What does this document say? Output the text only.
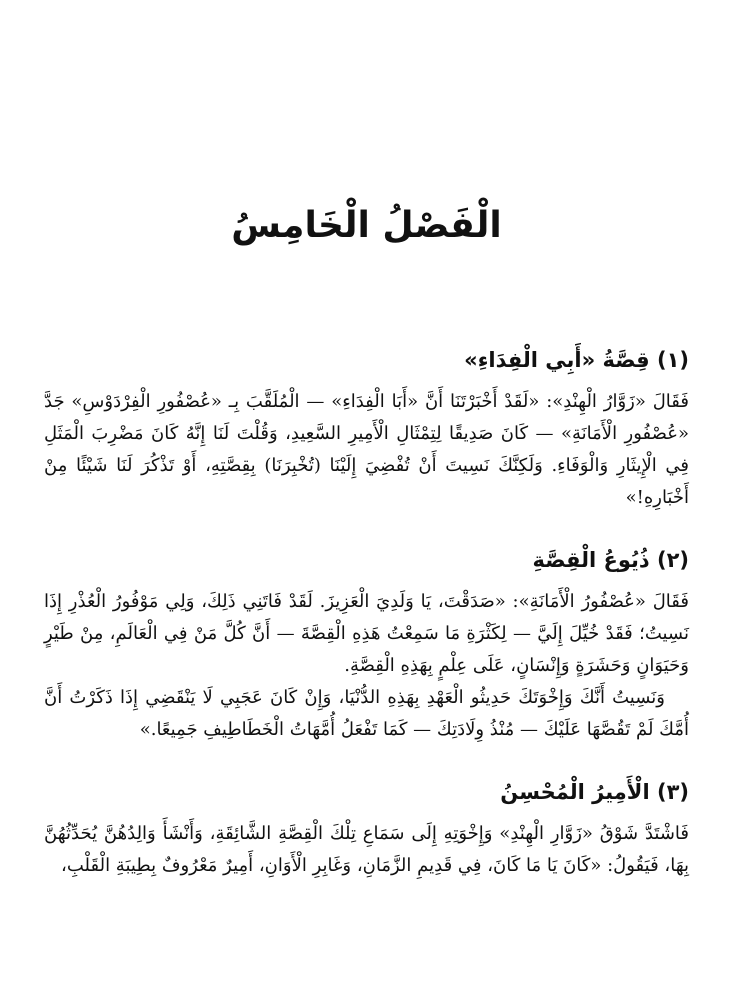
الْفَصْلُ الْخَامِسُ
(١) قِصَّةُ «أَبِي الْفِدَاءِ»

فَقَالَ «زَوَّارُ الْهِنْدِ»: «لَقَدْ أَخْبَرْتَنَا أَنَّ «أَبَا الْفِدَاءِ» — الْمُلَقَّبَ بِـ «عُصْفُورِ الْفِرْدَوْسِ» جَدَّ «عُصْفُورِ الْأَمَانَةِ» — كَانَ صَدِيقًا لِتِمْثَالِ الْأَمِيرِ السَّعِيدِ، وَقُلْتَ لَنَا إِنَّهُ كَانَ مَضْرِبَ الْمَثَلِ فِي الْإِيثَارِ وَالْوَفَاءِ. وَلَكِنَّكَ نَسِيتَ أَنْ تُفْضِيَ إِلَيْنَا (تُخْبِرَنَا) بِقِصَّتِهِ، أَوْ تَذْكُرَ لَنَا شَيْئًا مِنْ أَخْبَارِهِ!»

(٢) ذُيُوعُ الْقِصَّةِ

فَقَالَ «عُصْفُورُ الْأَمَانَةِ»: «صَدَقْتَ، يَا وَلَدِيَ الْعَزِيزَ. لَقَدْ فَاتَنِي ذَلِكَ، وَلِي مَوْفُورُ الْعُذْرِ إِذَا نَسِيتُ؛ فَقَدْ خُيِّلَ إِلَيَّ — لِكَثْرَةِ مَا سَمِعْتُ هَذِهِ الْقِصَّةَ — أَنَّ كُلَّ مَنْ فِي الْعَالَمِ، مِنْ طَيْرٍ وَحَيَوَانٍ وَحَشَرَةٍ وَإِنْسَانٍ، عَلَى عِلْمٍ بِهَذِهِ الْقِصَّةِ.

وَنَسِيتُ أَنَّكَ وَإِخْوَتَكَ حَدِيثُو الْعَهْدِ بِهَذِهِ الدُّنْيَا، وَإِنْ كَانَ عَجَبِي لَا يَنْقَضِي إِذَا ذَكَرْتُ أَنَّ أُمَّكَ لَمْ تَقُصَّهَا عَلَيْكَ — مُنْذُ وِلَادَتِكَ — كَمَا تَفْعَلُ أُمَّهَاتُ الْخَطَاطِيفِ جَمِيعًا.»

(٣) الْأَمِيرُ الْمُحْسِنُ

فَاشْتَدَّ شَوْقُ «زَوَّارِ الْهِنْدِ» وَإِخْوَتِهِ إِلَى سَمَاعِ تِلْكَ الْقِصَّةِ الشَّائِقَةِ، وَأَنْشَأَ وَالِدُهُنَّ يُحَدِّثُهُنَّ بِهَا، فَيَقُولُ: «كَانَ يَا مَا كَانَ، فِي قَدِيمِ الزَّمَانِ، وَغَابِرِ الْأَوَانِ، أَمِيرٌ مَعْرُوفٌ بِطِيبَةِ الْقَلْبِ،
